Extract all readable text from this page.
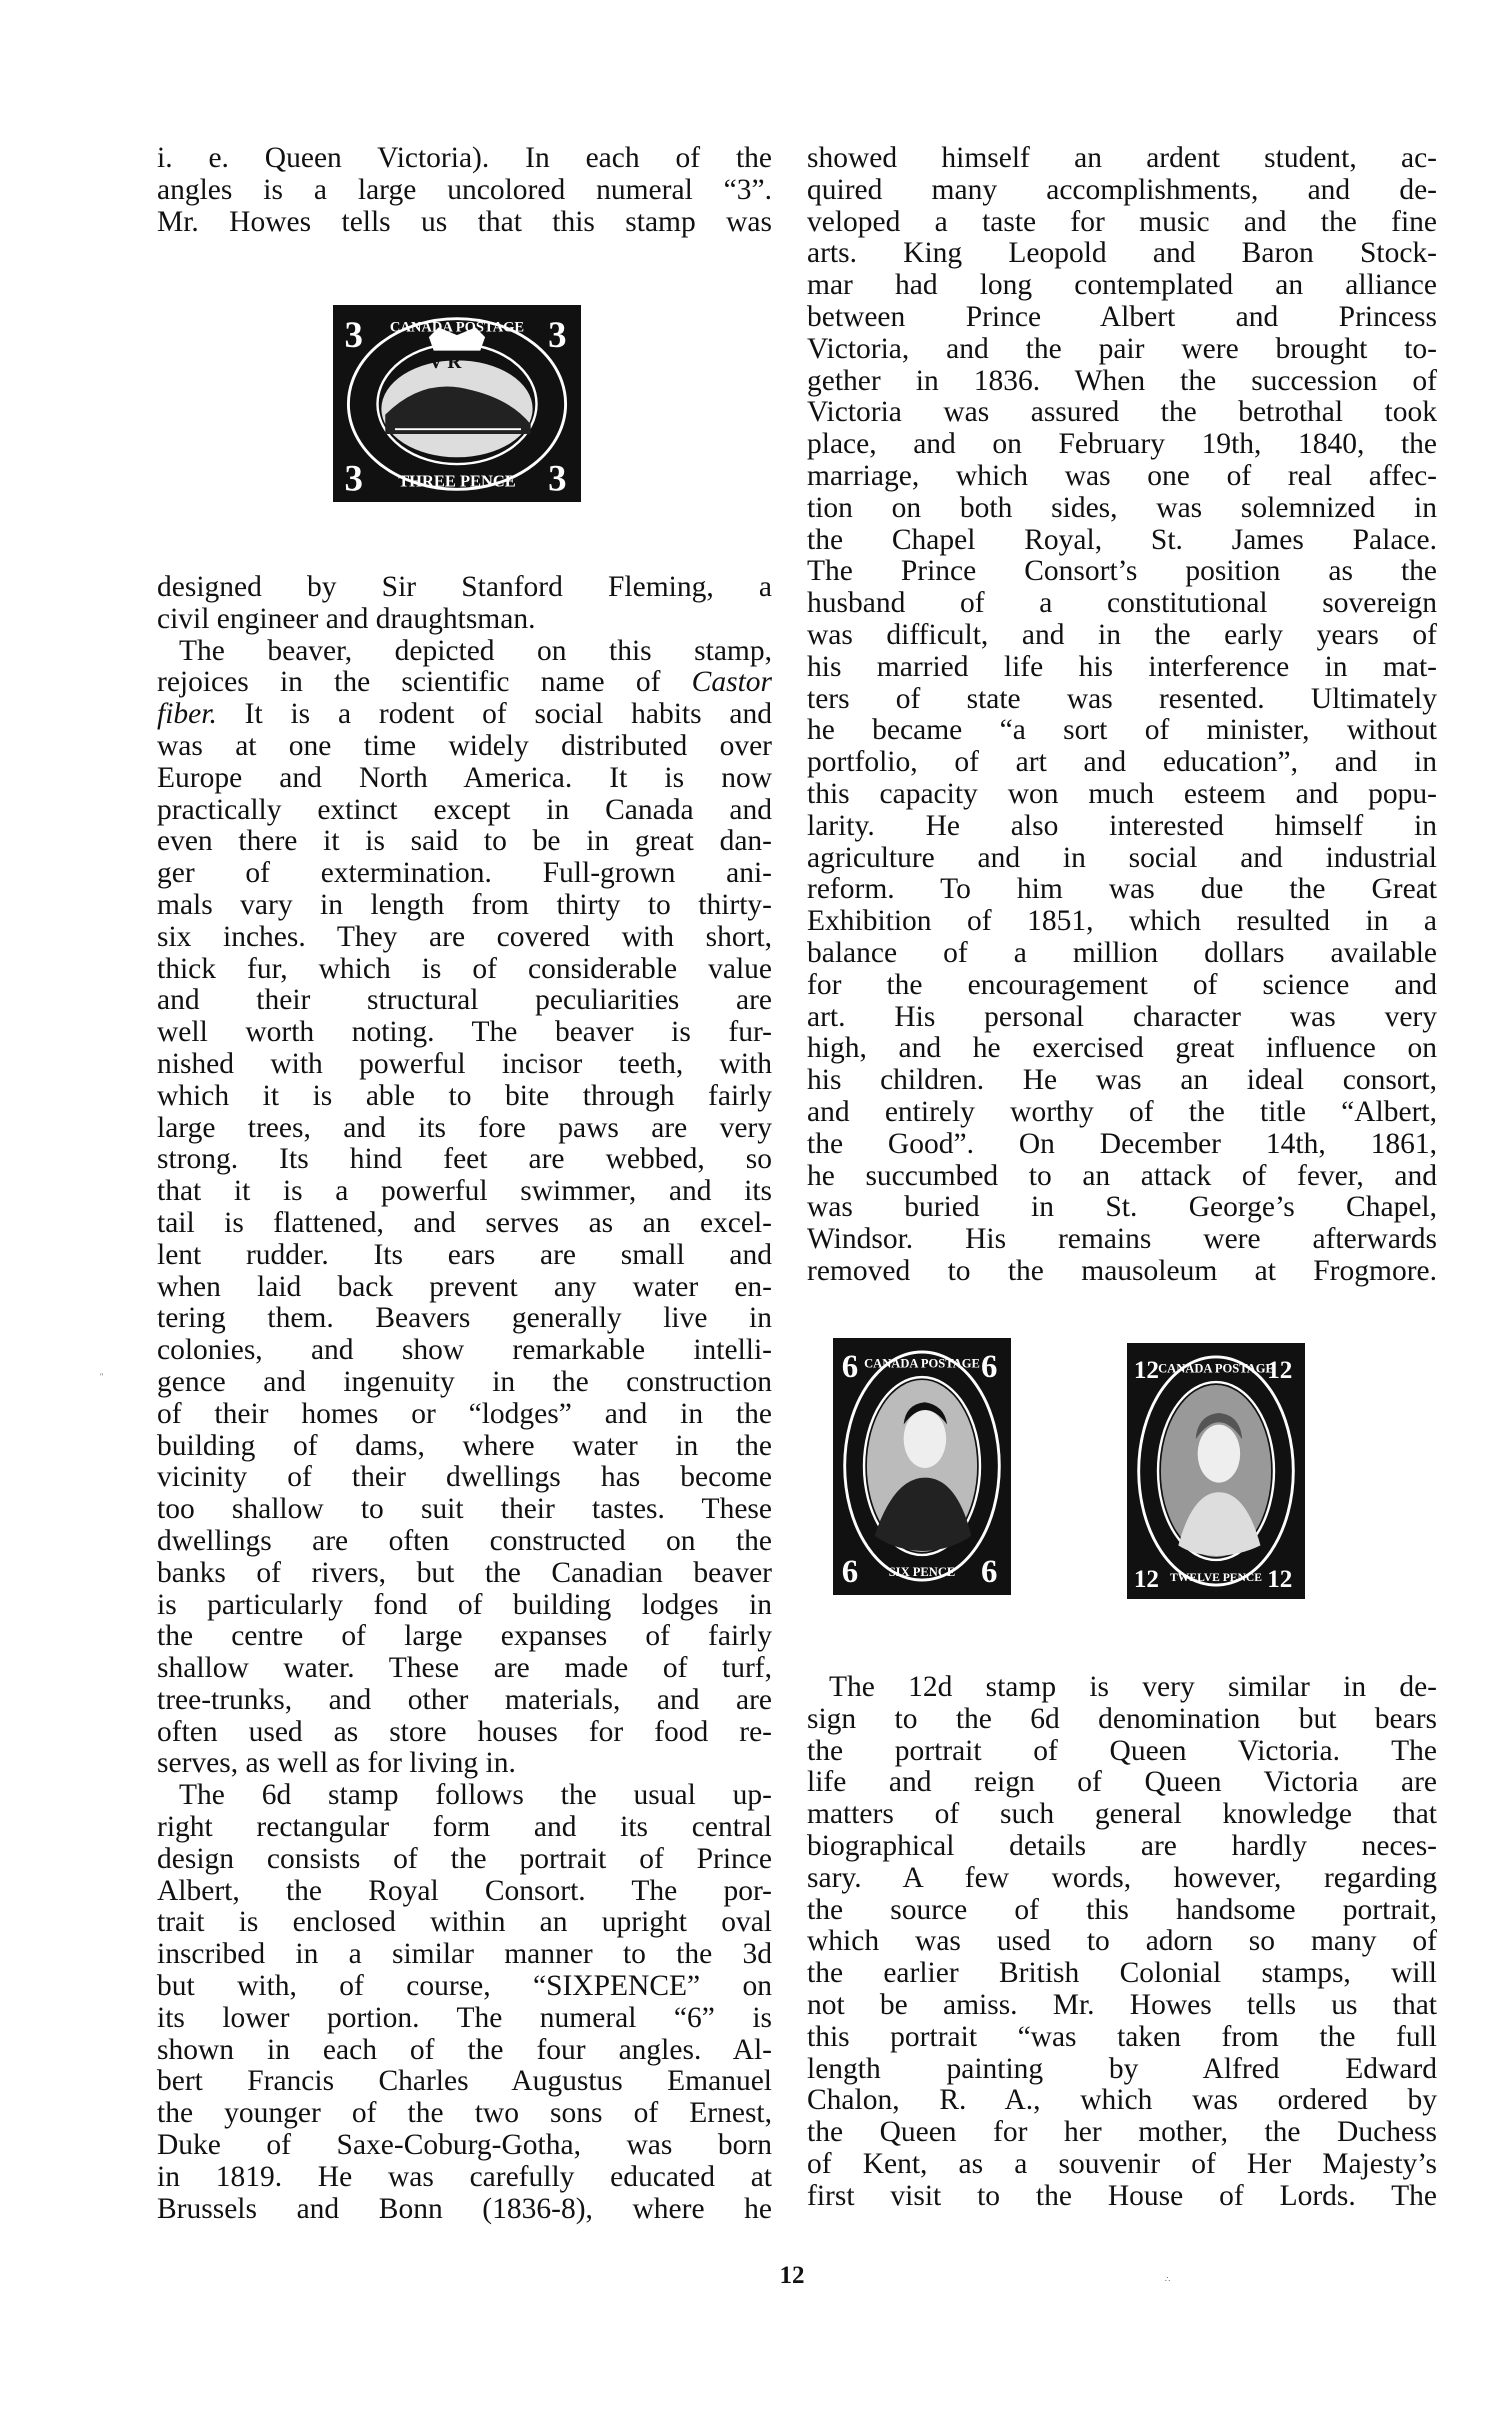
i. e. Queen Victoria). In each of the
angles is a large uncolored numeral “3”.
Mr. Howes tells us that this stamp was
V R
3	3
3	3
THREE PENCE
CANADA POSTAGE
designed by Sir Stanford Fleming, a
civil engineer and draughtsman.
The beaver, depicted on this stamp,
rejoices in the scientific name of Castor
fiber. It is a rodent of social habits and
was at one time widely distributed over
Europe and North America. It is now
practically extinct except in Canada and
even there it is said to be in great dan-
ger of extermination. Full-grown ani-
mals vary in length from thirty to thirty-
six inches. They are covered with short,
thick fur, which is of considerable value
and their structural peculiarities are
well worth noting. The beaver is fur-
nished with powerful incisor teeth, with
which it is able to bite through fairly
large trees, and its fore paws are very
strong. Its hind feet are webbed, so
that it is a powerful swimmer, and its
tail is flattened, and serves as an excel-
lent rudder. Its ears are small and
when laid back prevent any water en-
tering them. Beavers generally live in
colonies, and show remarkable intelli-
gence and ingenuity in the construction
of their homes or “lodges” and in the
building of dams, where water in the
vicinity of their dwellings has become
too shallow to suit their tastes. These
dwellings are often constructed on the
banks of rivers, but the Canadian beaver
is particularly fond of building lodges in
the centre of large expanses of fairly
shallow water. These are made of turf,
tree-trunks, and other materials, and are
often used as store houses for food re-
serves, as well as for living in.
The 6d stamp follows the usual up-
right rectangular form and its central
design consists of the portrait of Prince
Albert, the Royal Consort. The por-
trait is enclosed within an upright oval
inscribed in a similar manner to the 3d
but with, of course, “SIXPENCE” on
its lower portion. The numeral “6” is
shown in each of the four angles. Al-
bert Francis Charles Augustus Emanuel
the younger of the two sons of Ernest,
Duke of Saxe-Coburg-Gotha, was born
in 1819. He was carefully educated at
Brussels and Bonn (1836-8), where he
showed himself an ardent student, ac-
quired many accomplishments, and de-
veloped a taste for music and the fine
arts. King Leopold and Baron Stock-
mar had long contemplated an alliance
between Prince Albert and Princess
Victoria, and the pair were brought to-
gether in 1836. When the succession of
Victoria was assured the betrothal took
place, and on February 19th, 1840, the
marriage, which was one of real affec-
tion on both sides, was solemnized in
the Chapel Royal, St. James Palace.
The Prince Consort’s position as the
husband of a constitutional sovereign
was difficult, and in the early years of
his married life his interference in mat-
ters of state was resented. Ultimately
he became “a sort of minister, without
portfolio, of art and education”, and in
this capacity won much esteem and popu-
larity. He also interested himself in
agriculture and in social and industrial
reform. To him was due the Great
Exhibition of 1851, which resulted in a
balance of a million dollars available
for the encouragement of science and
art. His personal character was very
high, and he exercised great influence on
his children. He was an ideal consort,
and entirely worthy of the title “Albert,
the Good”. On December 14th, 1861,
he succumbed to an attack of fever, and
was buried in St. George’s Chapel,
Windsor. His remains were afterwards
removed to the mausoleum at Frogmore.
6	6
6	6
CANADA POSTAGE
SIX PENCE
12	12
12	12
CANADA POSTAGE
TWELVE PENCE
The 12d stamp is very similar in de-
sign to the 6d denomination but bears
the portrait of Queen Victoria. The
life and reign of Queen Victoria are
matters of such general knowledge that
biographical details are hardly neces-
sary. A few words, however, regarding
the source of this handsome portrait,
which was used to adorn so many of
the earlier British Colonial stamps, will
not be amiss. Mr. Howes tells us that
this portrait “was taken from the full
length painting by Alfred Edward
Chalon, R. A., which was ordered by
the Queen for her mother, the Duchess
of Kent, as a souvenir of Her Majesty’s
first visit to the House of Lords. The
12
″
∴
